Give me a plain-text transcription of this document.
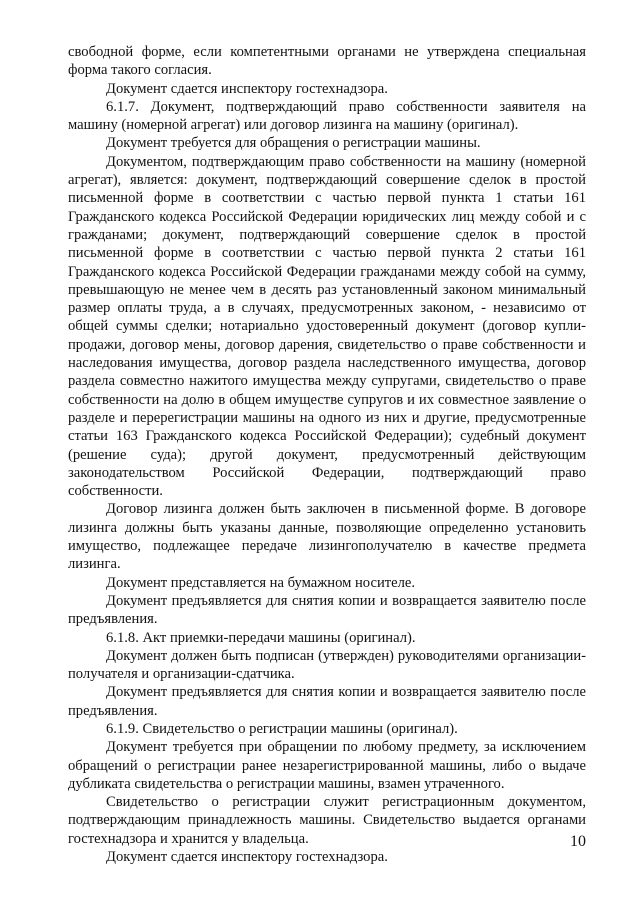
свободной форме, если компетентными органами не утверждена специальная форма такого согласия.

Документ сдается инспектору гостехнадзора.

6.1.7. Документ, подтверждающий право собственности заявителя на машину (номерной агрегат) или договор лизинга на машину (оригинал).

Документ требуется для обращения о регистрации машины.

Документом, подтверждающим право собственности на машину (номерной агрегат), является: документ, подтверждающий совершение сделок в простой письменной форме в соответствии с частью первой пункта 1 статьи 161 Гражданского кодекса Российской Федерации юридических лиц между собой и с гражданами; документ, подтверждающий совершение сделок в простой письменной форме в соответствии с частью первой пункта 2 статьи 161 Гражданского кодекса Российской Федерации гражданами между собой на сумму, превышающую не менее чем в десять раз установленный законом минимальный размер оплаты труда, а в случаях, предусмотренных законом, - независимо от общей суммы сделки; нотариально удостоверенный документ (договор купли-продажи, договор мены, договор дарения, свидетельство о праве собственности и наследования имущества, договор раздела наследственного имущества, договор раздела совместно нажитого имущества между супругами, свидетельство о праве собственности на долю в общем имуществе супругов и их совместное заявление о разделе и перерегистрации машины на одного из них и другие, предусмотренные статьи 163 Гражданского кодекса Российской Федерации); судебный документ (решение суда); другой документ, предусмотренный действующим законодательством Российской Федерации, подтверждающий право собственности.

Договор лизинга должен быть заключен в письменной форме. В договоре лизинга должны быть указаны данные, позволяющие определенно установить имущество, подлежащее передаче лизингополучателю в качестве предмета лизинга.

Документ представляется на бумажном носителе.

Документ предъявляется для снятия копии и возвращается заявителю после предъявления.

6.1.8. Акт приемки-передачи машины (оригинал).

Документ должен быть подписан (утвержден) руководителями организации-получателя и организации-сдатчика.

Документ предъявляется для снятия копии и возвращается заявителю после предъявления.

6.1.9. Свидетельство о регистрации машины (оригинал).

Документ требуется при обращении по любому предмету, за исключением обращений о регистрации ранее незарегистрированной машины, либо о выдаче дубликата свидетельства о регистрации машины, взамен утраченного.

Свидетельство о регистрации служит регистрационным документом, подтверждающим принадлежность машины. Свидетельство выдается органами гостехнадзора и хранится у владельца.

Документ сдается инспектору гостехнадзора.

10
